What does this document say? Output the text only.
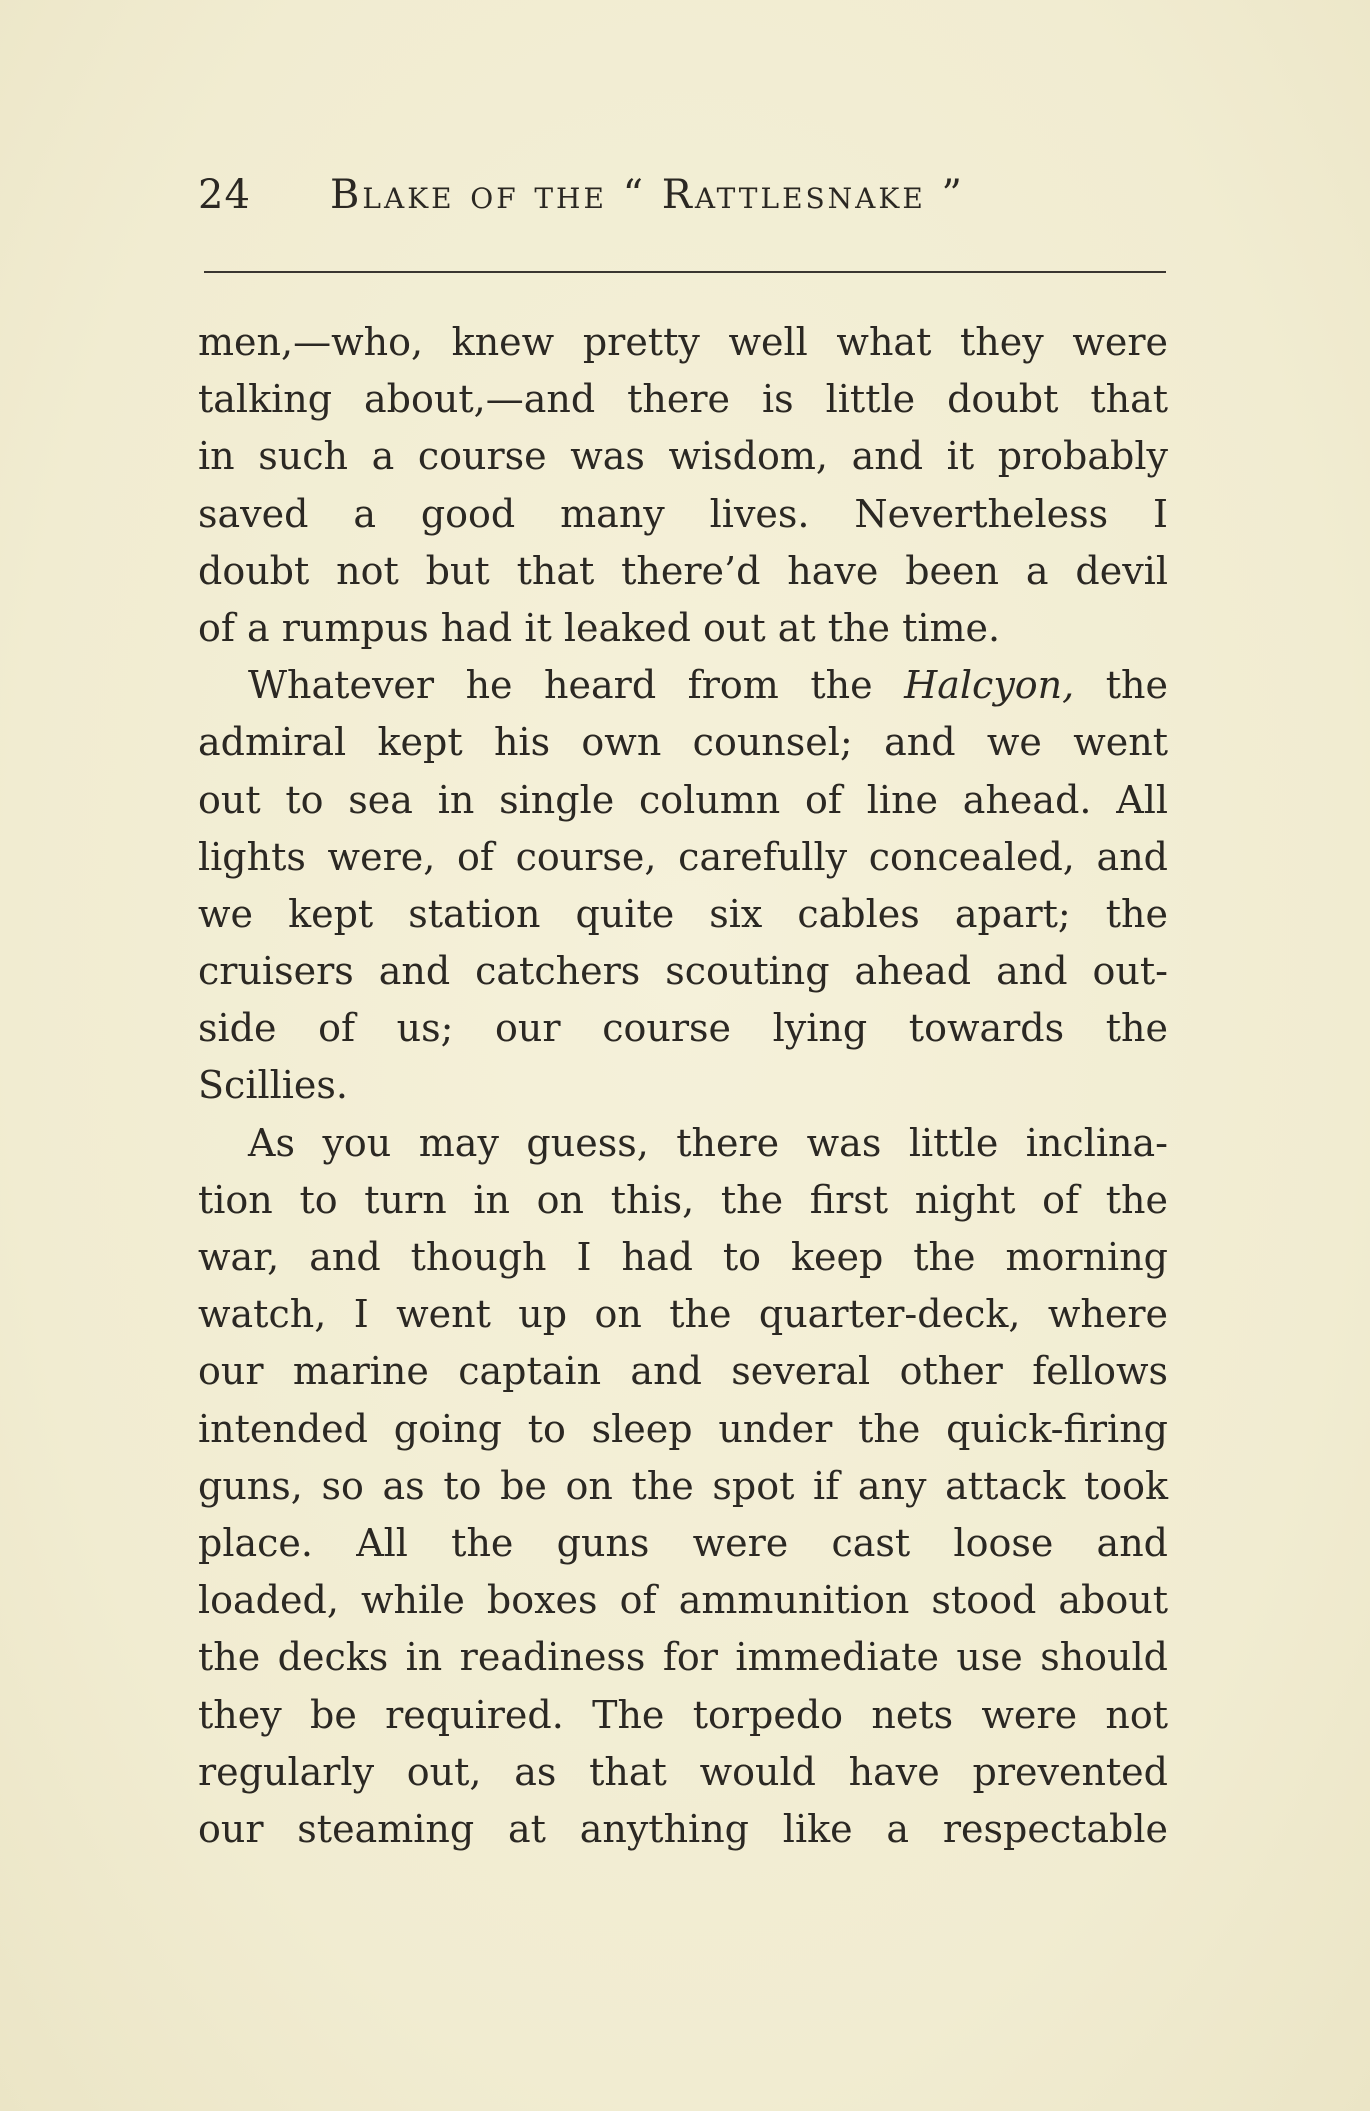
24 Blake of the “ Rattlesnake ”
men,—who, knew pretty well what they were
talking about,—and there is little doubt that
in such a course was wisdom, and it probably
saved a good many lives. Nevertheless I
doubt not but that there’d have been a devil
of a rumpus had it leaked out at the time.
Whatever he heard from the Halcyon, the
admiral kept his own counsel; and we went
out to sea in single column of line ahead. All
lights were, of course, carefully concealed, and
we kept station quite six cables apart; the
cruisers and catchers scouting ahead and out-
side of us; our course lying towards the
Scillies.
As you may guess, there was little inclina-
tion to turn in on this, the first night of the
war, and though I had to keep the morning
watch, I went up on the quarter-deck, where
our marine captain and several other fellows
intended going to sleep under the quick-firing
guns, so as to be on the spot if any attack took
place. All the guns were cast loose and
loaded, while boxes of ammunition stood about
the decks in readiness for immediate use should
they be required. The torpedo nets were not
regularly out, as that would have prevented
our steaming at anything like a respectable
